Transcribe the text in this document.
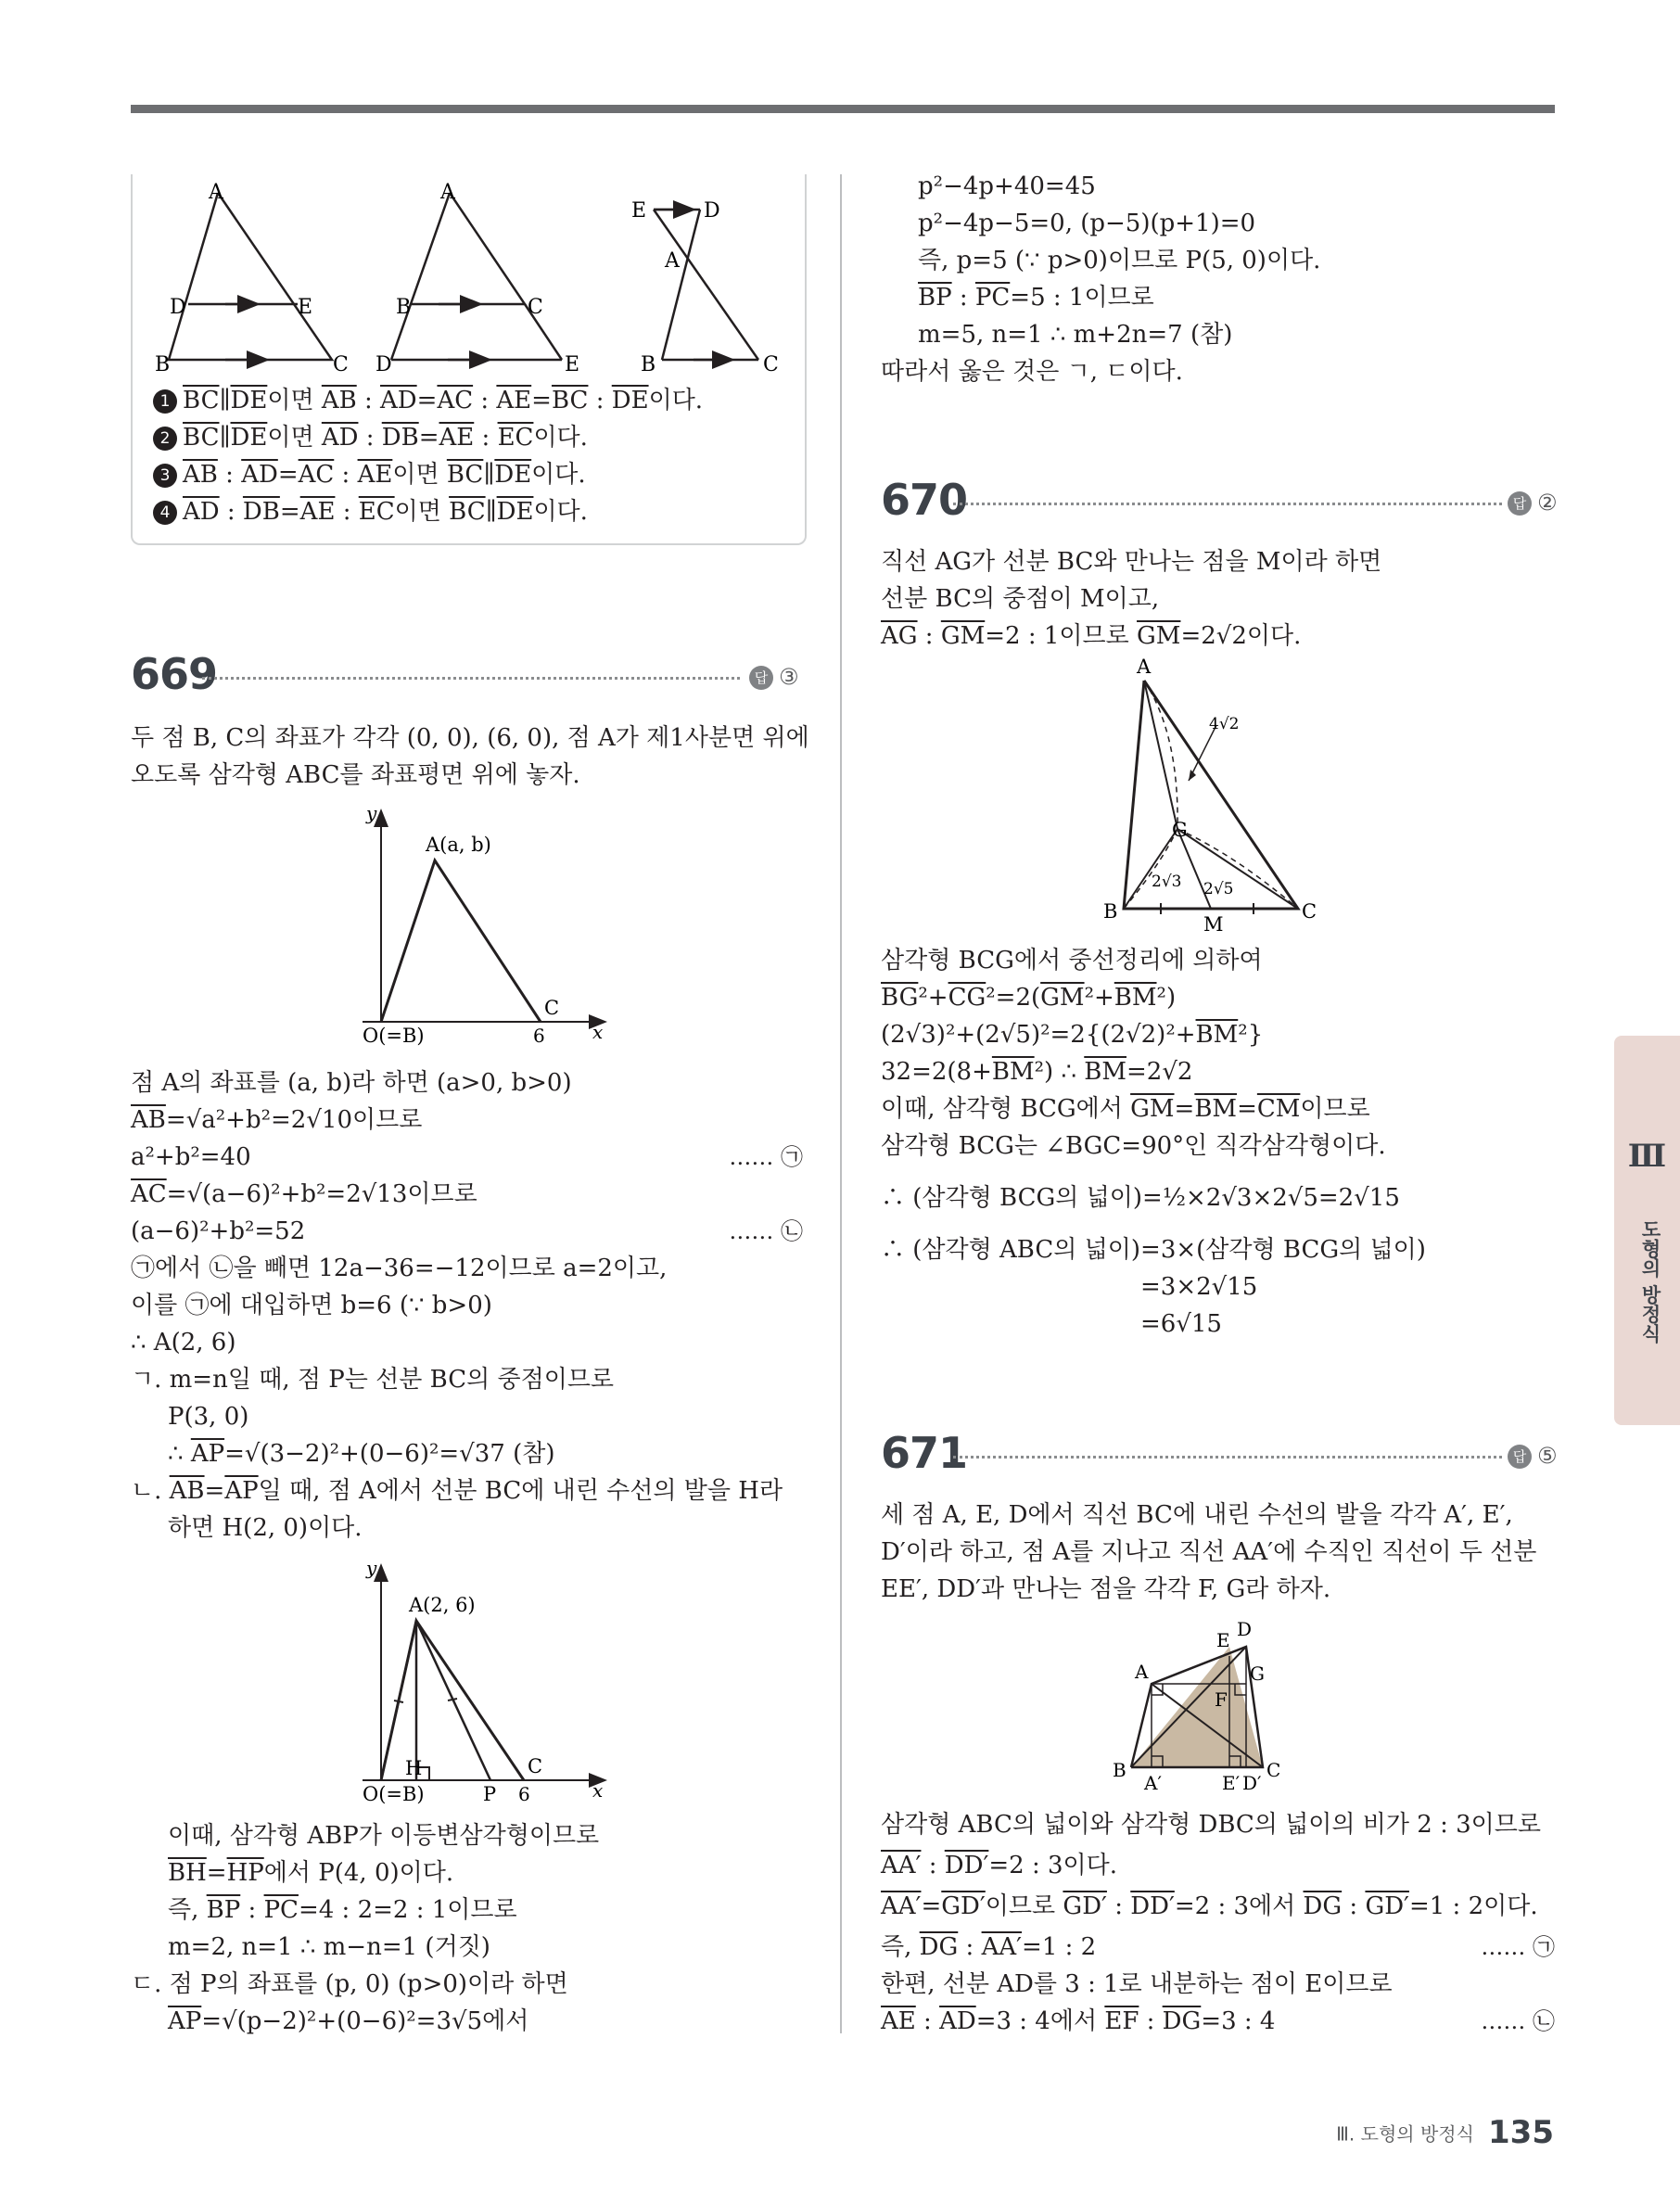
A
D	E
B	C
A
B	C
D	E
E	D
A
B	C
1 $\overline{BC}\parallel\overline{DE}$이면 $\overline{AB}$ : $\overline{AD}=\overline{AC}$ : $\overline{AE}=\overline{BC}$ : $\overline{DE}$이다.
2 $\overline{BC}\parallel\overline{DE}$이면 $\overline{AD}$ : $\overline{DB}=\overline{AE}$ : $\overline{EC}$이다.
3 $\overline{AB}$ : $\overline{AD}=\overline{AC}$ : $\overline{AE}$이면 $\overline{BC}\parallel\overline{DE}$이다.
4 $\overline{AD}$ : $\overline{DB}=\overline{AE}$ : $\overline{EC}$이면 $\overline{BC}\parallel\overline{DE}$이다.
669	답 ③
두 점 B, C의 좌표가 각각 (0, 0), (6, 0), 점 A가 제1사분면 위에
오도록 삼각형 ABC를 좌표평면 위에 놓자.
y
x
A(a, b)
C
O(=B)	6
점 A의 좌표를 (a, b)라 하면 (a>0, b>0)
$\overline{AB}=√a^2+b^2=2√10$이므로
a²+b²=40	…… ㉠
$\overline{AC}=√(a-6)^2+b^2=2√13$이므로
(a−6)²+b²=52	…… ㉡
㉠에서 ㉡을 빼면 12a−36=−12이므로 a=2이고,
이를 ㉠에 대입하면 b=6 (∵ b>0)
∴ A(2, 6)
ㄱ. m=n일 때, 점 P는 선분 BC의 중점이므로
P(3, 0)
∴ $\overline{AP}=√(3-2)^2+(0-6)^2=√37$ (참)
ㄴ. $\overline{AB}=\overline{AP}$일 때, 점 A에서 선분 BC에 내린 수선의 발을 H라
하면 H(2, 0)이다.
y
x
A(2, 6)
H	C
O(=B)	P 6
이때, 삼각형 ABP가 이등변삼각형이므로
$\overline{BH}=\overline{HP}$에서 P(4, 0)이다.
즉, $\overline{BP}$ : $\overline{PC}=4$ : 2=2 : 1이므로
m=2, n=1 ∴ m−n=1 (거짓)
ㄷ. 점 P의 좌표를 (p, 0) (p>0)이라 하면
$\overline{AP}=√(p-2)^2+(0-6)^2=3√5$에서
p²−4p+40=45
p²−4p−5=0, (p−5)(p+1)=0
즉, p=5 (∵ p>0)이므로 P(5, 0)이다.
$\overline{BP}$ : $\overline{PC}=5$ : 1이므로
m=5, n=1 ∴ m+2n=7 (참)
따라서 옳은 것은 ㄱ, ㄷ이다.
670	답 ②
직선 AG가 선분 BC와 만나는 점을 M이라 하면
선분 BC의 중점이 M이고,
$\overline{AG}$ : $\overline{GM}=2$ : 1이므로 $\overline{GM}=2√2$이다.
A
G
B	C
M
4√2
2√3 2√5
삼각형 BCG에서 중선정리에 의하여
$\overline{BG}^2+\overline{CG}^2=2(\overline{GM}^2+\overline{BM}^2)$
$(2√3)^2+(2√5)^2=2\{(2√2)^2+\overline{BM}^2\}$
$32=2(8+\overline{BM}^2)$ ∴ $\overline{BM}=2√2$
이때, 삼각형 BCG에서 $\overline{GM}=\overline{BM}=\overline{CM}$이므로
삼각형 BCG는 ∠BGC=90°인 직각삼각형이다.
∴ (삼각형 BCG의 넓이)=½×2√3×2√5=2√15
∴ (삼각형 ABC의 넓이)=3×(삼각형 BCG의 넓이)
=3×2√15
=6√15
671	답 ⑤
세 점 A, E, D에서 직선 BC에 내린 수선의 발을 각각 A′, E′,
D′이라 하고, 점 A를 지나고 직선 AA′에 수직인 직선이 두 선분
EE′, DD′과 만나는 점을 각각 F, G라 하자.
A
B	C
D
E
F
G
A′	E′ D′
삼각형 ABC의 넓이와 삼각형 DBC의 넓이의 비가 2 : 3이므로
AA′ : DD′=2 : 3이다.
AA′=GD′이므로 GD′ : DD′=2 : 3에서 $\overline{DG}$ : GD′=1 : 2이다.
즉, $\overline{DG}$ : AA′=1 : 2	…… ㉠
한편, 선분 AD를 3 : 1로 내분하는 점이 E이므로
$\overline{AE}$ : $\overline{AD}=3$ : 4에서 $\overline{EF}$ : $\overline{DG}=3$ : 4	…… ㉡
Ⅲ
도형의 방정식
Ⅲ. 도형의 방정식 135
